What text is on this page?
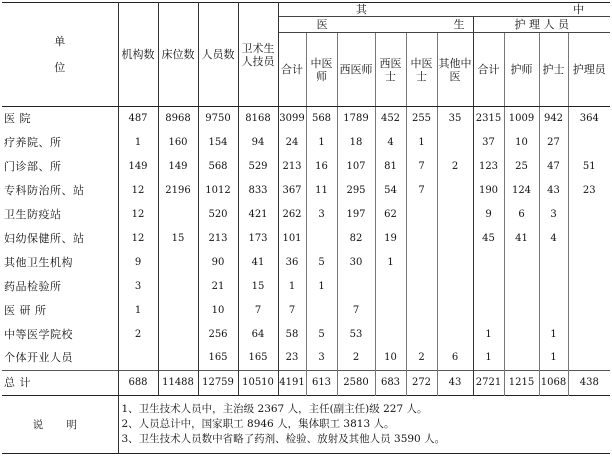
单

位	机构数	床位数	人员数	卫术生人技员	其 中									
					医 生						护 理 人 员			
					合计	中医师	西医师	西医士	中医士	其他中医	合计	护师	护士	护理员
医 院	487	8968	9750	8168	3099	568	1789	452	255	35	2315	1009	942	364
疗养院、所	1	160	154	94	24	1	18	4	1		37	10	27	
门诊部、所	149	149	568	529	213	16	107	81	7	2	123	25	47	51
专科防治所、站	12	2196	1012	833	367	11	295	54	7		190	124	43	23
卫生防疫站	12		520	421	262	3	197	62			9	6	3	
妇幼保健所、站	12	15	213	173	101		82	19			45	41	4	
其他卫生机构	9		90	41	36	5	30	1						
药品检验所	3		21	15	1	1								
医 研 所	1		10	7	7		7							
中等医学院校	2		256	64	58	5	53				1		1	
个体开业人员			165	165	23	3	2	10	2	6	1		1	
总 计	688	11488	12759	10510	4191	613	2580	683	272	43	2721	1215	1068	438
说 明	1、卫生技术人员中，主治级 2367 人，主任(副主任)级 227 人。
2、人员总计中，国家职工 8946 人，集体职工 3813 人。
3、卫生技术人员数中省略了药剂、检验、放射及其他人员 3590 人。													
